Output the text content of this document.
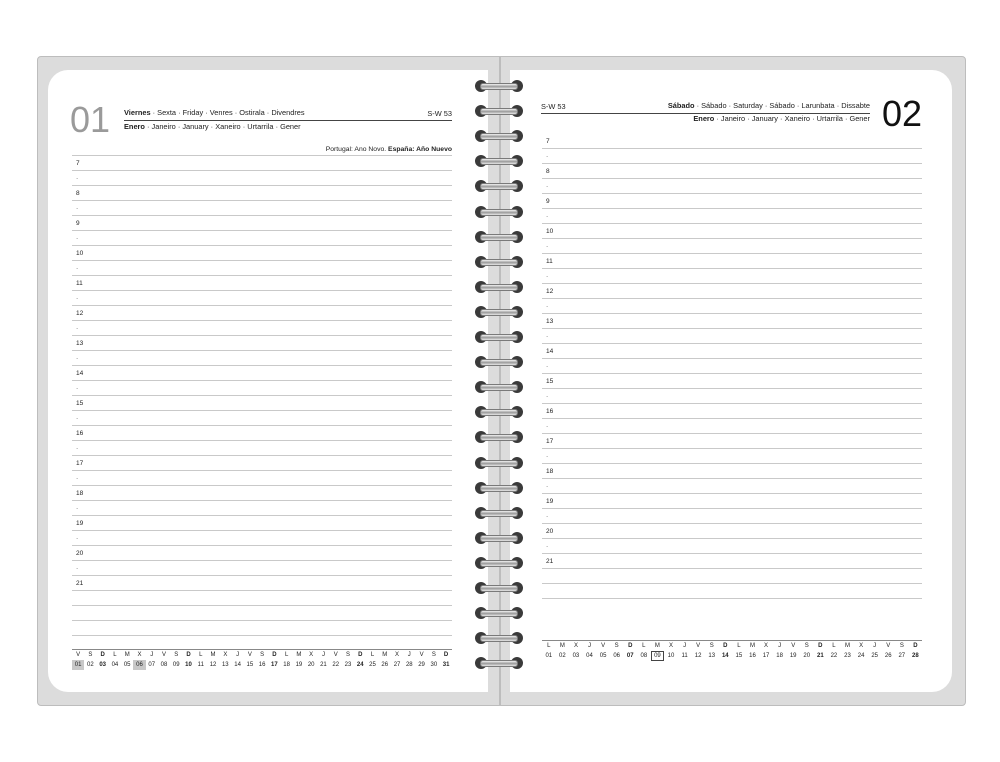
01 Viernes · Sexta · Friday · Venres · Ostirala · Divendres	S-W 53
Enero · Janeiro · January · Xaneiro · Urtarrila · Gener
Portugal: Ano Novo. España: Año Nuevo
7
·
8
·
9
·
10
·
11
·
12
·
13
·
14
·
15
·
16
·
17
·
18
·
19
·
20
·
21
V	S	D	L	M	X	J	V	S	D	L	M	X	J	V	S	D	L	M	X	J	V	S	D	L	M	X	J	V	S	D
01 02 03 04 05 06 07 08 09 10 11 12 13 14 15 16 17 18 19 20 21 22 23 24 25 26 27 28 29 30 31
S-W 53	Sábado · Sábado · Saturday · Sábado · Larunbata · Dissabte
Enero · Janeiro · January · Xaneiro · Urtarrila · Gener 02
7
·
8
·
9
·
10
·
11
·
12
·
13
·
14
·
15
·
16
·
17
·
18
·
19
·
20
·
21
L	M	X	J	V	S	D	L	M	X	J	V	S	D	L	M	X	J	V	S	D	L	M	X	J	V	S	D
01	02	03	04	05	06	07	08	09	10	11	12	13	14	15	16	17	18	19	20	21	22	23	24	25	26	27	28
